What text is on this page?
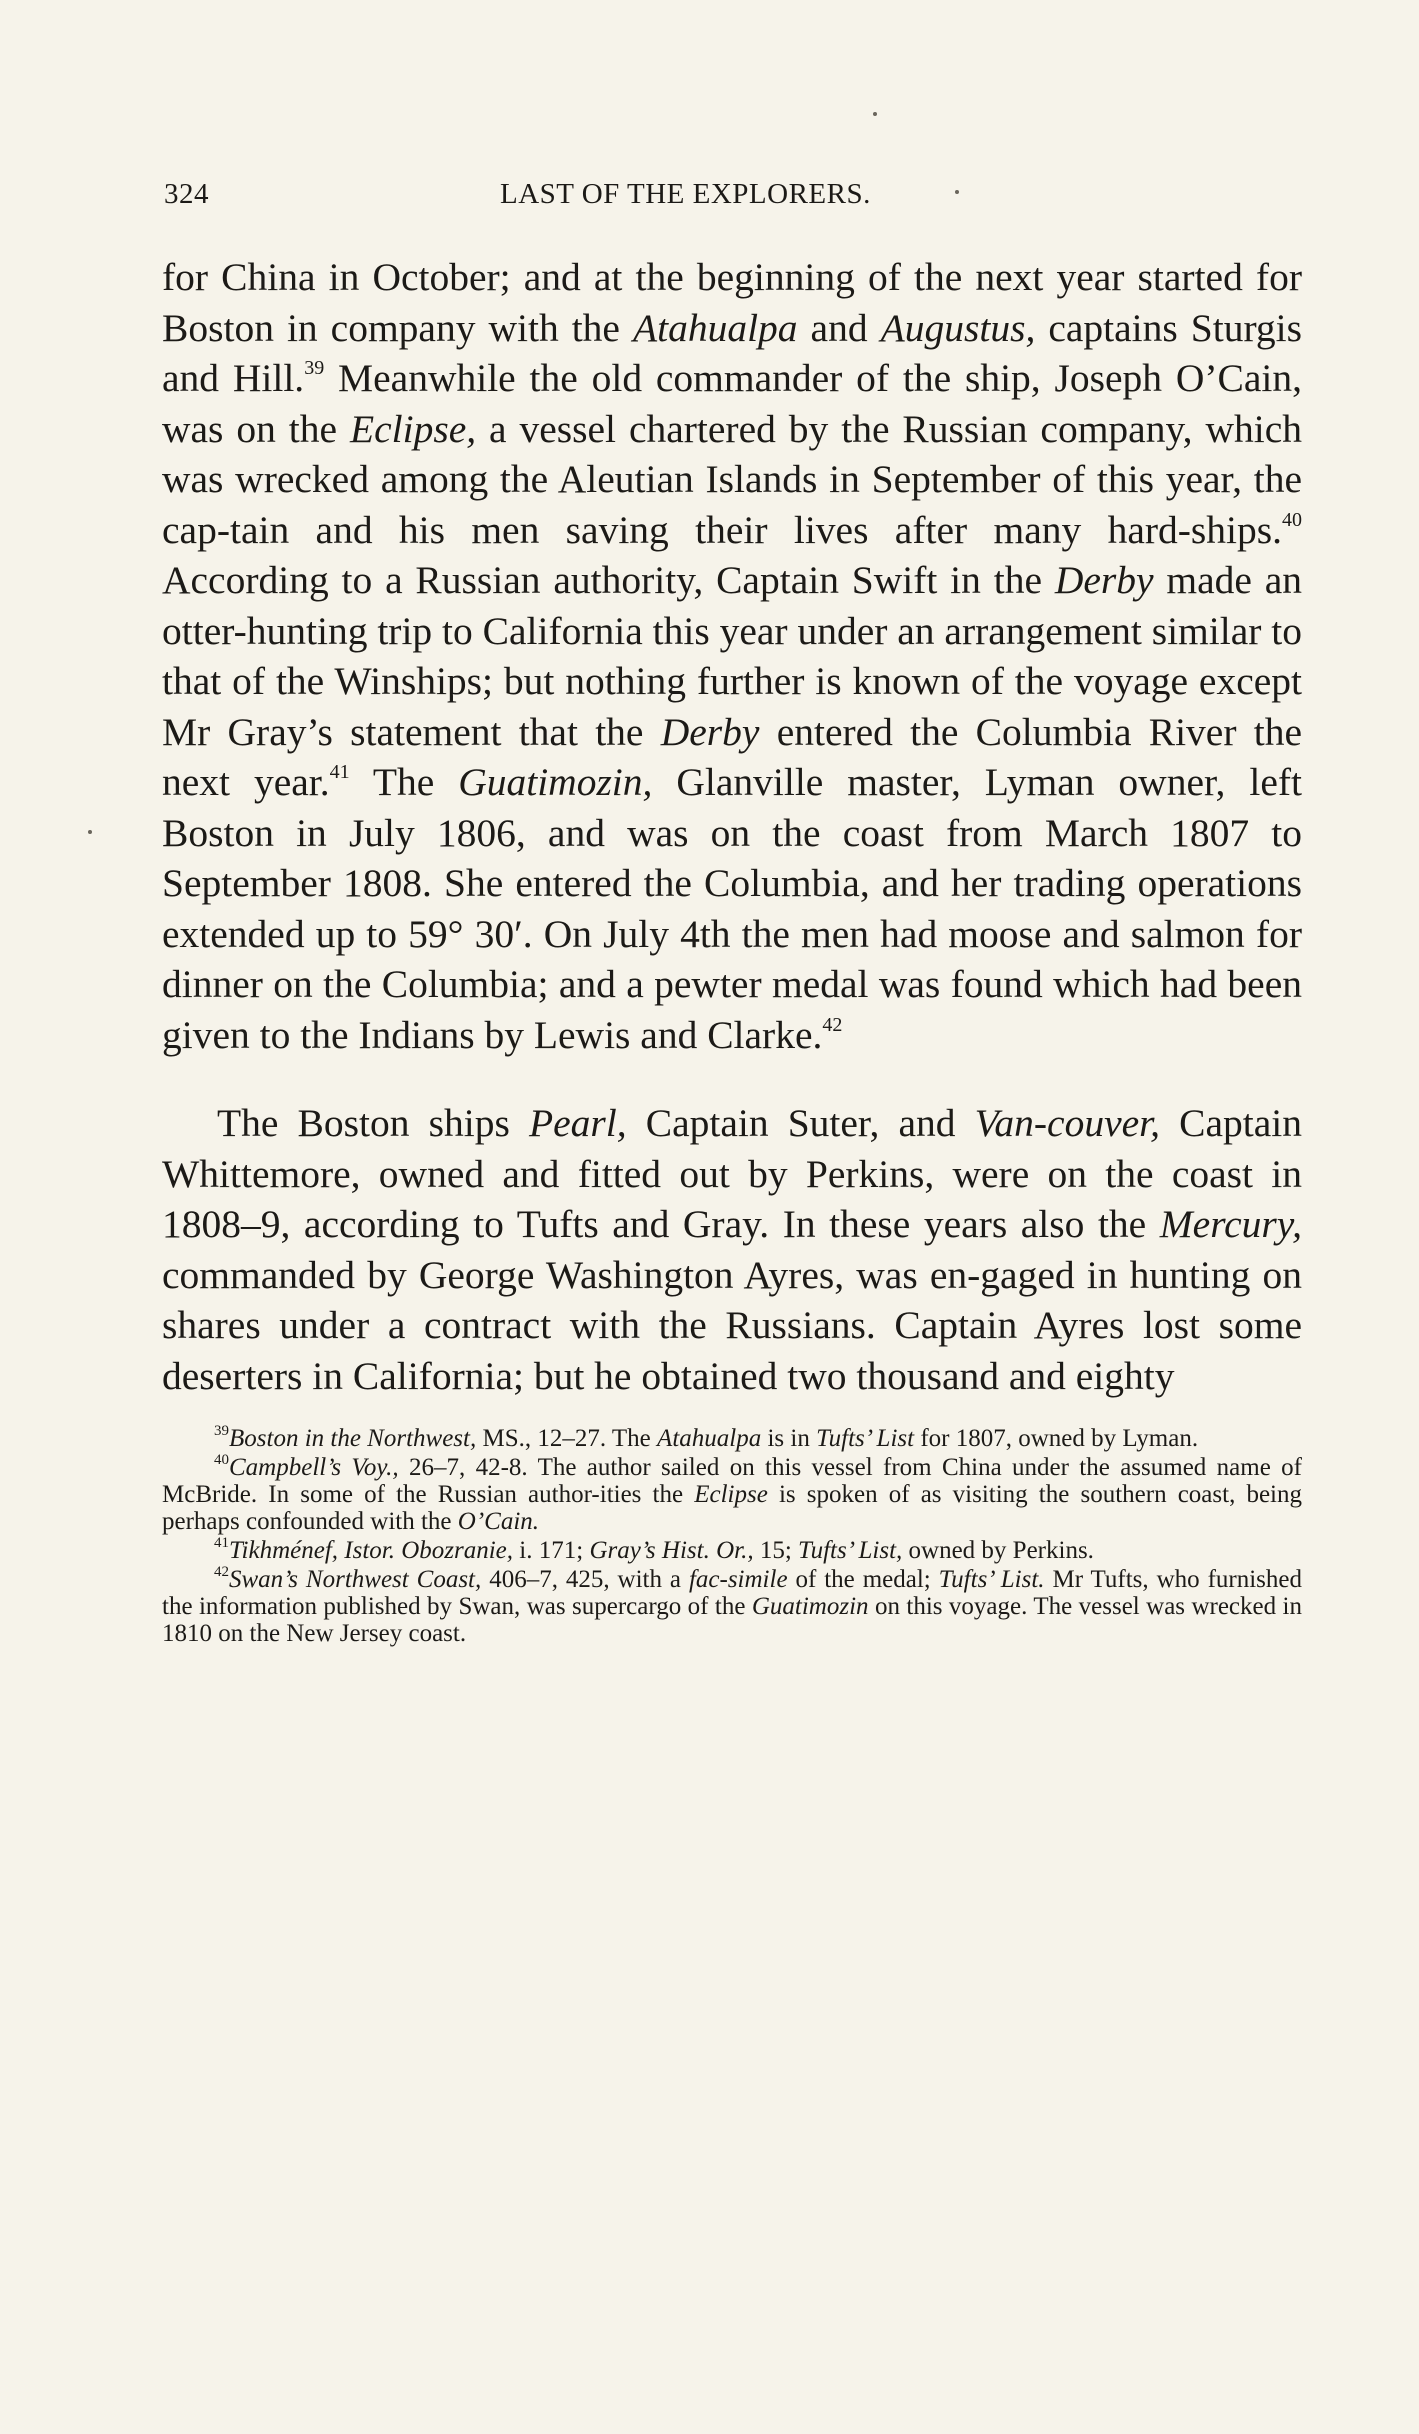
324	LAST OF THE EXPLORERS.

for China in October; and at the beginning of the next year started for Boston in company with the Atahualpa and Augustus, captains Sturgis and Hill.$^{39}$ Meanwhile the old commander of the ship, Joseph O’Cain, was on the Eclipse, a vessel chartered by the Russian company, which was wrecked among the Aleutian Islands in September of this year, the cap-tain and his men saving their lives after many hard-ships.$^{40}$ According to a Russian authority, Captain Swift in the Derby made an otter-hunting trip to California this year under an arrangement similar to that of the Winships; but nothing further is known of the voyage except Mr Gray’s statement that the Derby entered the Columbia River the next year.$^{41}$ The Guatimozin, Glanville master, Lyman owner, left Boston in July 1806, and was on the coast from March 1807 to September 1808. She entered the Columbia, and her trading operations extended up to 59° 30′. On July 4th the men had moose and salmon for dinner on the Columbia; and a pewter medal was found which had been given to the Indians by Lewis and Clarke.$^{42}$

The Boston ships Pearl, Captain Suter, and Van-couver, Captain Whittemore, owned and fitted out by Perkins, were on the coast in 1808–9, according to Tufts and Gray. In these years also the Mercury, commanded by George Washington Ayres, was en-gaged in hunting on shares under a contract with the Russians. Captain Ayres lost some deserters in California; but he obtained two thousand and eighty

$^{39}$Boston in the Northwest, MS., 12–27. The Atahualpa is in Tufts’ List for 1807, owned by Lyman.

$^{40}$Campbell’s Voy., 26–7, 42-8. The author sailed on this vessel from China under the assumed name of McBride. In some of the Russian author-ities the Eclipse is spoken of as visiting the southern coast, being perhaps confounded with the O’Cain.

$^{41}$Tikhménef, Istor. Obozranie, i. 171; Gray’s Hist. Or., 15; Tufts’ List, owned by Perkins.

$^{42}$Swan’s Northwest Coast, 406–7, 425, with a fac-simile of the medal; Tufts’ List. Mr Tufts, who furnished the information published by Swan, was supercargo of the Guatimozin on this voyage. The vessel was wrecked in 1810 on the New Jersey coast.
